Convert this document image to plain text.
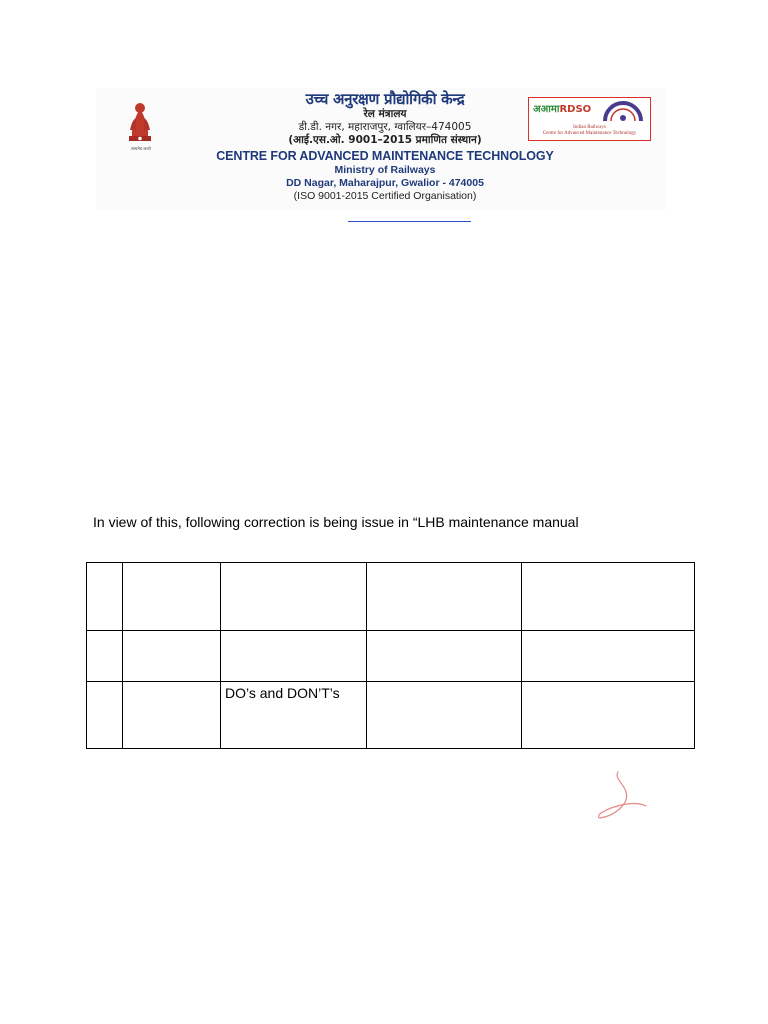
सत्यमेव जयते
उच्च अनुरक्षण प्रौद्योगिकी केन्द्र
रेल मंत्रालय
डी.डी. नगर, महाराजपुर, ग्वालियर–474005
(आई.एस.ओ. 9001–2015 प्रमाणित संस्थान)
CENTRE FOR ADVANCED MAINTENANCE TECHNOLOGY
Ministry of Railways
DD Nagar, Maharajpur, Gwalior - 474005
(ISO 9001-2015 Certified Organisation)
अआमाRDSO
Indian Railways
Centre for Advanced Maintenance Technology
In view of this, following correction is being issue in “LHB maintenance manual

		DO’s and DON’T’s		
